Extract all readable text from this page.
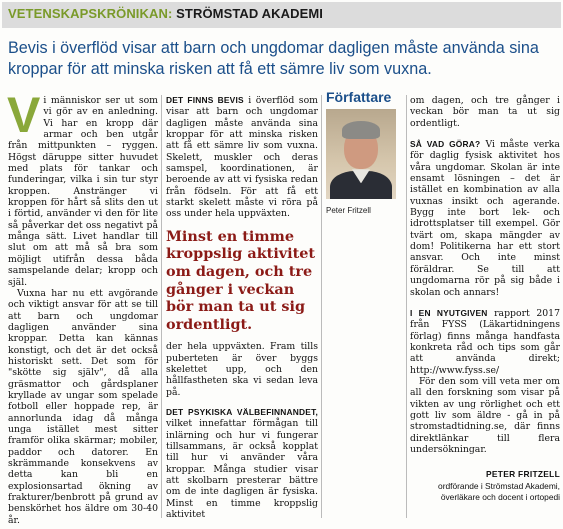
VETENSKAPSKRÖNIKAN: STRÖMSTAD AKADEMI
Bevis i överflöd visar att barn och ungdomar dagligen måste använda sina kroppar för att minska risken att få ett sämre liv som vuxna.

Vi människor ser ut som vi gör av en anledning. Vi har en kropp där armar och ben utgår från mittpunkten – ryggen. Högst däruppe sitter huvudet med plats för tankar och funderingar, vilka i sin tur styr kroppen. Anstränger vi kroppen för hårt så slits den ut i förtid, använder vi den för lite så påverkar det oss negativt på många sätt. Livet handlar till slut om att må så bra som möjligt utifrån dessa båda samspelande delar; kropp och själ.

Vuxna har nu ett avgörande och viktigt ansvar för att se till att barn och ungdomar dagligen använder sina kroppar. Detta kan kännas konstigt, och det är det också historiskt sett. Det som för "skötte sig själv", då alla gräsmattor och gårdsplaner kryllade av ungar som spelade fotboll eller hoppade rep, är annorlunda idag då många unga istället mest sitter framför olika skärmar; mobiler, paddor och datorer. En skrämmande konsekvens av detta kan bli en explosionsartad ökning av frakturer/benbrott på grund av benskörhet hos äldre om 30-40 år.

DET FINNS BEVIS i överflöd som visar att barn och ungdomar dagligen måste använda sina kroppar för att minska risken att få ett sämre liv som vuxna. Skelett, muskler och deras samspel, koordinationen, är beroende av att vi fysiska redan från födseln. För att få ett starkt skelett måste vi röra på oss under hela uppväxten.

Minst en timme kroppslig aktivitet om dagen, och tre gånger i veckan bör man ta ut sig ordentligt.

der hela uppväxten. Fram tills puberteten är över byggs skelettet upp, och den hållfastheten ska vi sedan leva på.

DET PSYKISKA VÄLBEFINNANDET, vilket innefattar förmågan till inlärning och hur vi fungerar tillsammans, är också kopplat till hur vi använder våra kroppar. Många studier visar att skolbarn presterar bättre om de inte dagligen är fysiska. Minst en timme kroppslig aktivitet

Författare
Peter Fritzell

om dagen, och tre gånger i veckan bör man ta ut sig ordentligt.

SÅ VAD GÖRA? Vi måste verka för daglig fysisk aktivitet hos våra ungdomar. Skolan är inte ensamt lösningen – det är istället en kombination av alla vuxnas insikt och agerande. Bygg inte bort lek- och idrottsplatser till exempel. Gör tvärt om, skapa mängder av dom! Politikerna har ett stort ansvar. Och inte minst föräldrar. Se till att ungdomarna rör på sig både i skolan och annars!

I EN NYUTGIVEN rapport 2017 från FYSS (Läkartidningens förlag) finns många handfasta konkreta råd och tips som går att använda direkt; http://www.fyss.se/

För den som vill veta mer om all den forskning som visar på vikten av ung rörlighet och ett gott liv som äldre - gå in på stromstadtidning.se, där finns direktlänkar till flera undersökningar.

PETER FRITZELL
ordförande i Strömstad Akademi,
överläkare och docent i ortopedi
